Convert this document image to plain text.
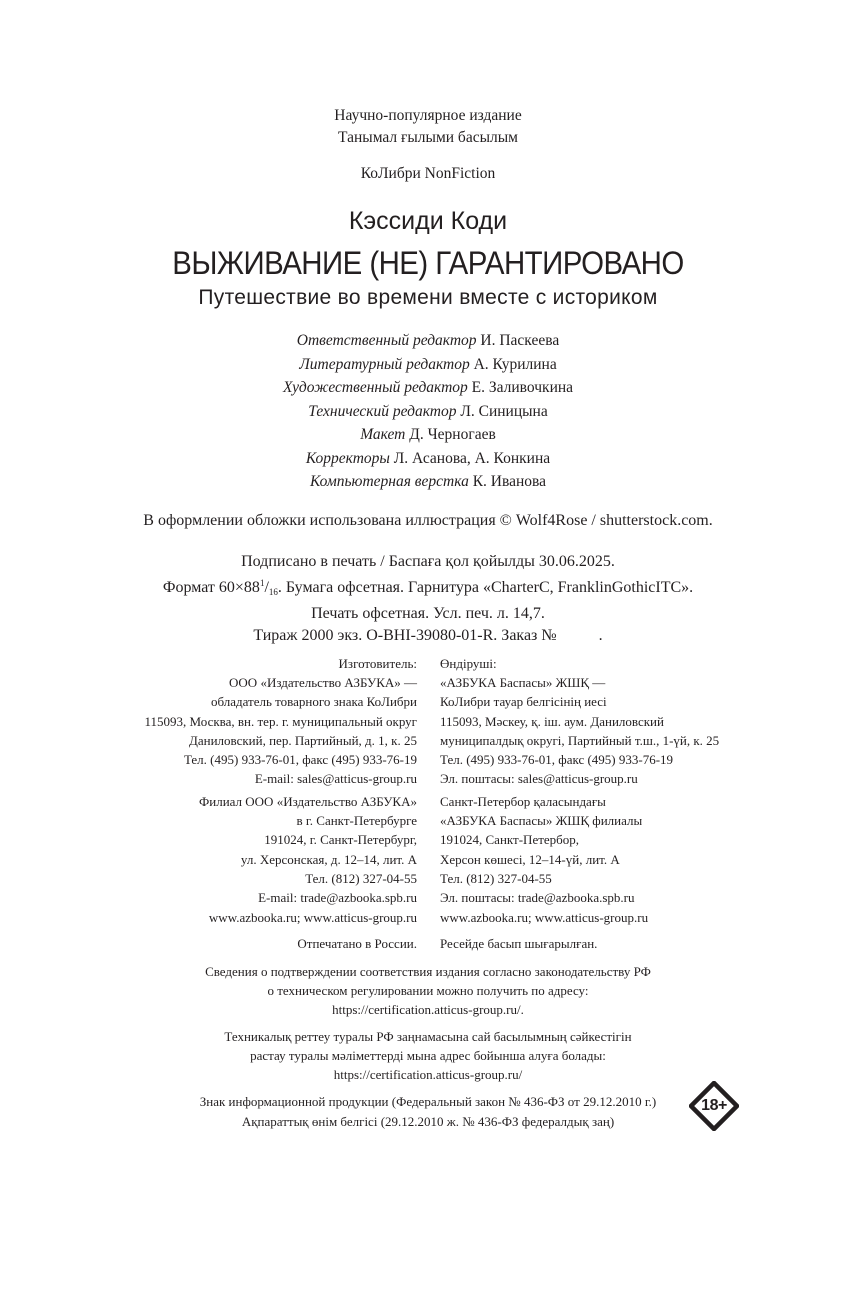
Научно-популярное издание
Танымал ғылыми басылым
КоЛибри NonFiction
Кэссиди Коди
ВЫЖИВАНИЕ (НЕ) ГАРАНТИРОВАНО
Путешествие во времени вместе с историком
Ответственный редактор И. Паскеева
Литературный редактор А. Курилина
Художественный редактор Е. Заливочкина
Технический редактор Л. Синицына
Макет Д. Черногаев
Корректоры Л. Асанова, А. Конкина
Компьютерная верстка К. Иванова
В оформлении обложки использована иллюстрация © Wolf4Rose / shutterstock.com.
Подписано в печать / Баспаға қол қойылды 30.06.2025.
Формат $60\times 88^1/_{16}$. Бумага офсетная. Гарнитура «CharterC, FranklinGothicITC».
Печать офсетная. Усл. печ. л. 14,7.
Тираж 2000 экз. O-BHI-39080-01-R. Заказ №	.
Изготовитель:
ООО «Издательство АЗБУКА» —
обладатель товарного знака КоЛибри
115093, Москва, вн. тер. г. муниципальный округ
Даниловский, пер. Партийный, д. 1, к. 25
Тел. (495) 933-76-01, факс (495) 933-76-19
E-mail: sales@atticus-group.ru
Өндіруші:
«АЗБУКА Баспасы» ЖШҚ —
КоЛибри тауар белгісінің иесі
115093, Мәскеу, қ. іш. аум. Даниловский
муниципалдық округі, Партийный т.ш., 1-үй, к. 25
Тел. (495) 933-76-01, факс (495) 933-76-19
Эл. поштасы: sales@atticus-group.ru
Филиал ООО «Издательство АЗБУКА»
в г. Санкт-Петербурге
191024, г. Санкт-Петербург,
ул. Херсонская, д. 12–14, лит. А
Тел. (812) 327-04-55
E-mail: trade@azbooka.spb.ru
Санкт-Петербор қаласындағы
«АЗБУКА Баспасы» ЖШҚ филиалы
191024, Санкт-Петербор,
Херсон көшесі, 12–14-үй, лит. А
Тел. (812) 327-04-55
Эл. поштасы: trade@azbooka.spb.ru
www.azbooka.ru; www.atticus-group.ru www.azbooka.ru; www.atticus-group.ru
Отпечатано в России. Ресейде басып шығарылған.
Сведения о подтверждении соответствия издания согласно законодательству РФ
о техническом регулировании можно получить по адресу:
https://certification.atticus-group.ru/.
Техникалық реттеу туралы РФ заңнамасына сай басылымның сәйкестігін
растау туралы мәліметтерді мына адрес бойынша алуға болады:
https://certification.atticus-group.ru/
Знак информационной продукции (Федеральный закон № 436-ФЗ от 29.12.2010 г.)
Ақпараттық өнім белгісі (29.12.2010 ж. № 436-ФЗ федералдық заң)
18+
